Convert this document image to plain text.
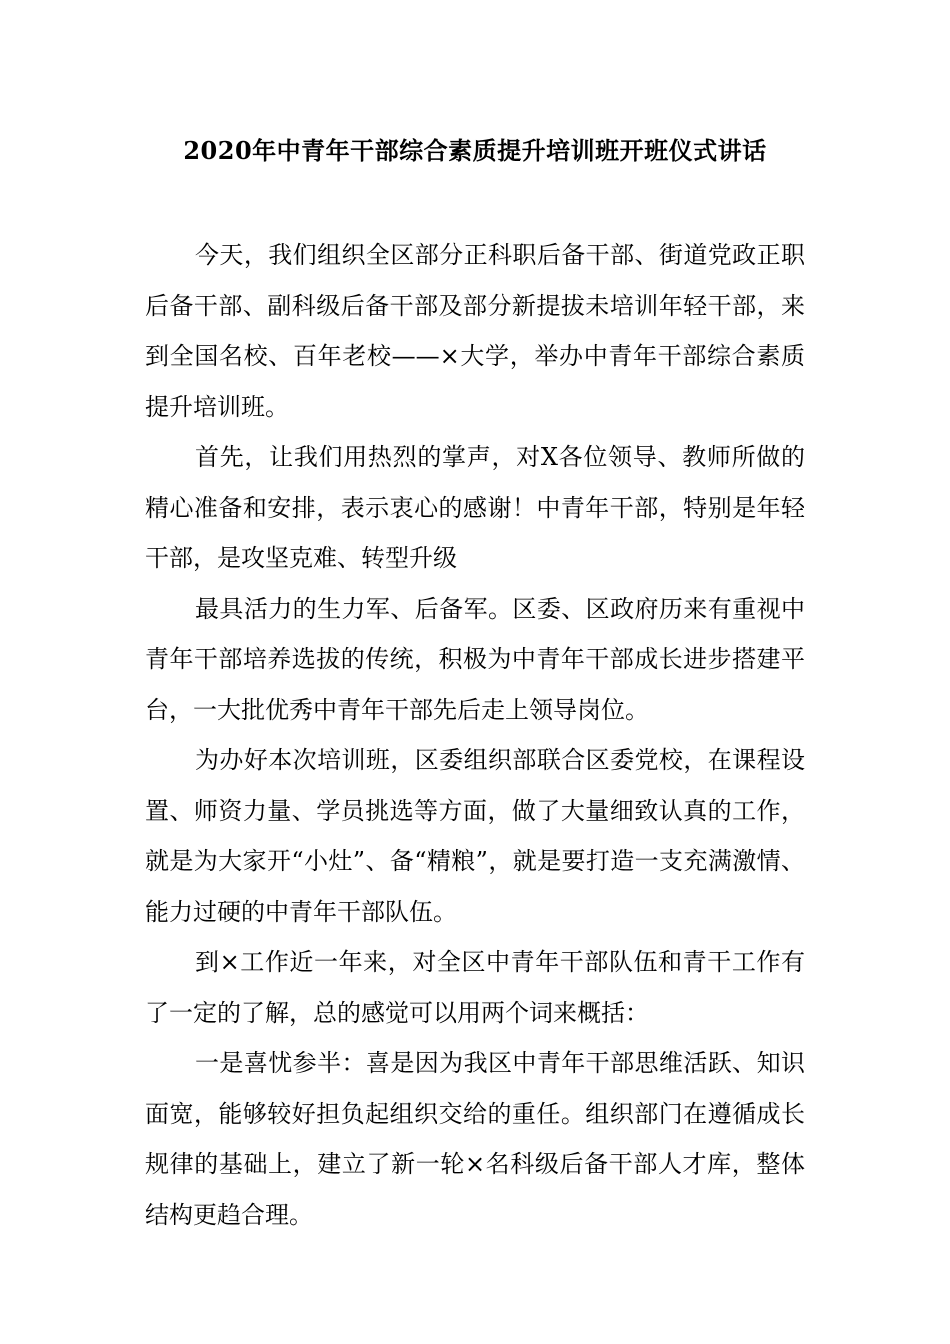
2020年中青年干部综合素质提升培训班开班仪式讲话

今天，我们组织全区部分正科职后备干部、街道党政正职后备干部、副科级后备干部及部分新提拔未培训年轻干部，来到全国名校、百年老校——×大学，举办中青年干部综合素质提升培训班。

首先，让我们用热烈的掌声，对X各位领导、教师所做的精心准备和安排，表示衷心的感谢！中青年干部，特别是年轻干部，是攻坚克难、转型升级

最具活力的生力军、后备军。区委、区政府历来有重视中青年干部培养选拔的传统，积极为中青年干部成长进步搭建平台，一大批优秀中青年干部先后走上领导岗位。

为办好本次培训班，区委组织部联合区委党校，在课程设置、师资力量、学员挑选等方面，做了大量细致认真的工作，就是为大家开“小灶”、备“精粮”，就是要打造一支充满激情、能力过硬的中青年干部队伍。

到×工作近一年来，对全区中青年干部队伍和青干工作有了一定的了解，总的感觉可以用两个词来概括：

一是喜忧参半：喜是因为我区中青年干部思维活跃、知识面宽，能够较好担负起组织交给的重任。组织部门在遵循成长规律的基础上，建立了新一轮×名科级后备干部人才库，整体结构更趋合理。
